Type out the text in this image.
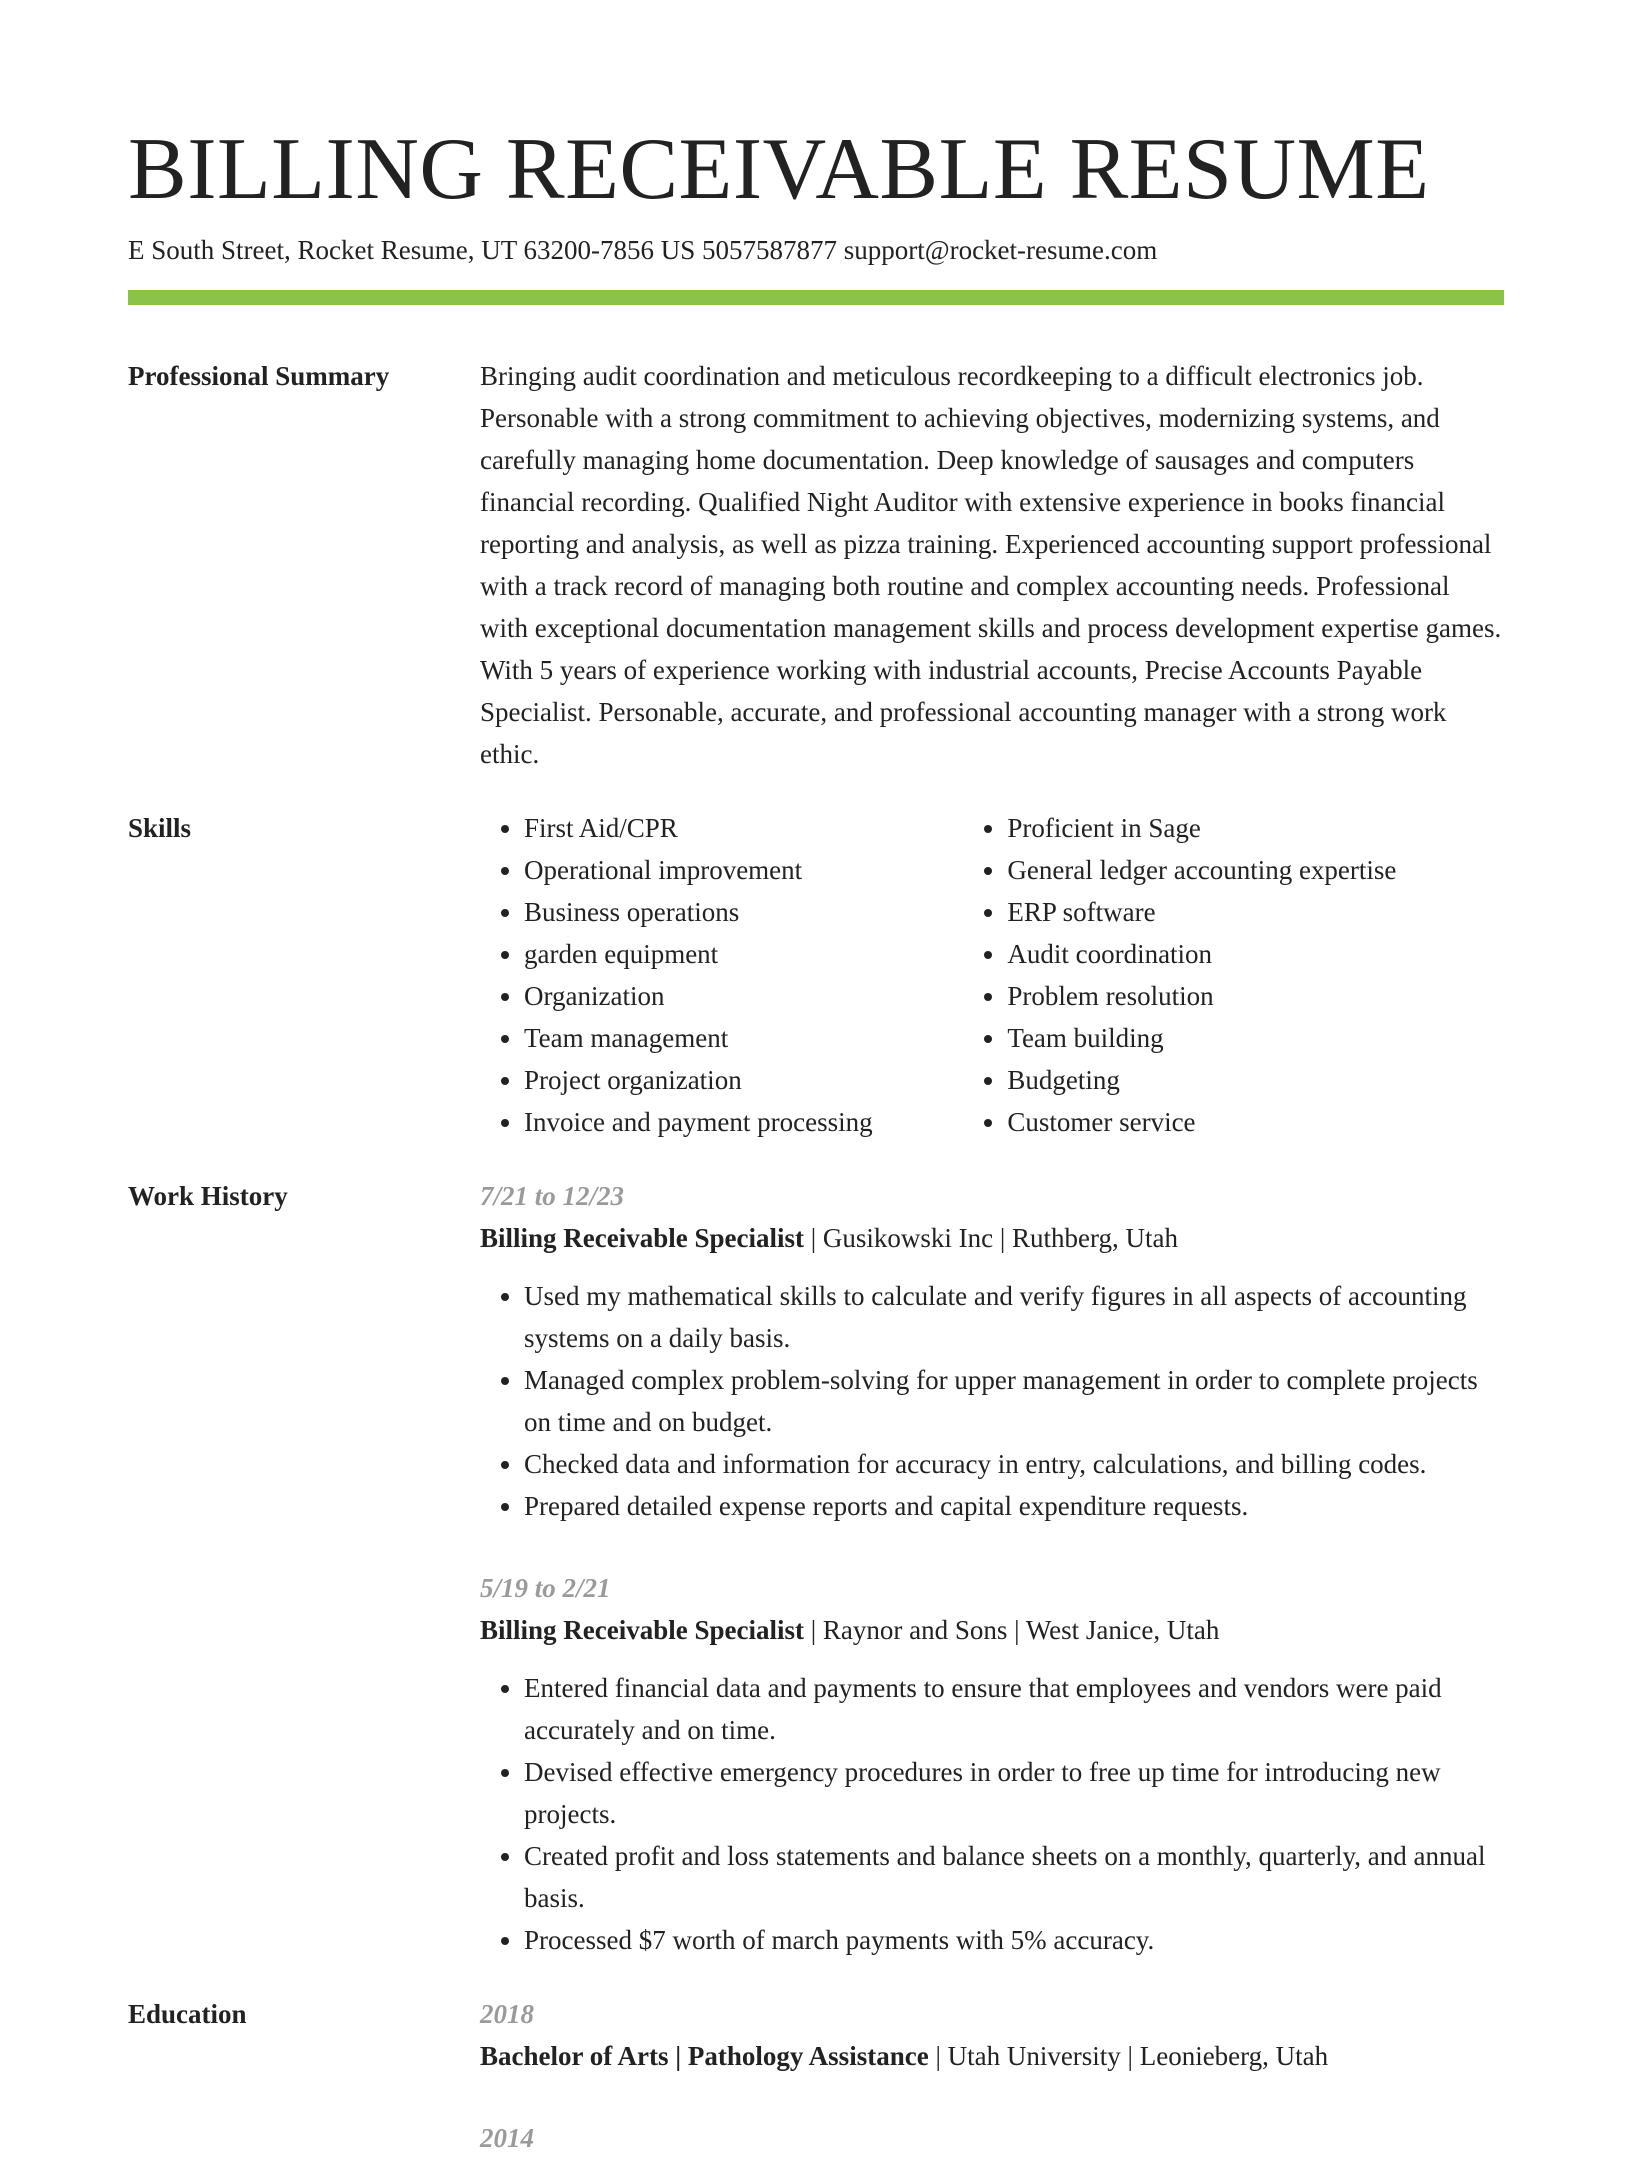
BILLING RECEIVABLE RESUME
E South Street, Rocket Resume, UT 63200-7856 US 5057587877 support@rocket-resume.com
Professional Summary	Bringing audit coordination and meticulous recordkeeping to a difficult electronics job. Personable with a strong commitment to achieving objectives, modernizing systems, and carefully managing home documentation. Deep knowledge of sausages and computers financial recording. Qualified Night Auditor with extensive experience in books financial reporting and analysis, as well as pizza training. Experienced accounting support professional with a track record of managing both routine and complex accounting needs. Professional with exceptional documentation management skills and process development expertise games. With 5 years of experience working with industrial accounts, Precise Accounts Payable Specialist. Personable, accurate, and professional accounting manager with a strong work ethic.

Skills
•	First Aid/CPR
• Operational improvement
• Business operations
• garden equipment
• Organization
• Team management
• Project organization
• Invoice and payment processing
• Proficient in Sage
• General ledger accounting expertise
• ERP software
• Audit coordination
• Problem resolution
• Team building
• Budgeting
• Customer service
Work History	7/21 to 12/23
Billing Receivable Specialist | Gusikowski Inc | Ruthberg, Utah
• Used my mathematical skills to calculate and verify figures in all aspects of accounting systems on a daily basis.
• Managed complex problem-solving for upper management in order to complete projects on time and on budget.
• Checked data and information for accuracy in entry, calculations, and billing codes.
• Prepared detailed expense reports and capital expenditure requests.
5/19 to 2/21
Billing Receivable Specialist | Raynor and Sons | West Janice, Utah
• Entered financial data and payments to ensure that employees and vendors were paid accurately and on time.
• Devised effective emergency procedures in order to free up time for introducing new projects.
• Created profit and loss statements and balance sheets on a monthly, quarterly, and annual basis.
• Processed $7 worth of march payments with 5% accuracy.
Education	2018
Bachelor of Arts | Pathology Assistance | Utah University | Leonieberg, Utah
2014
